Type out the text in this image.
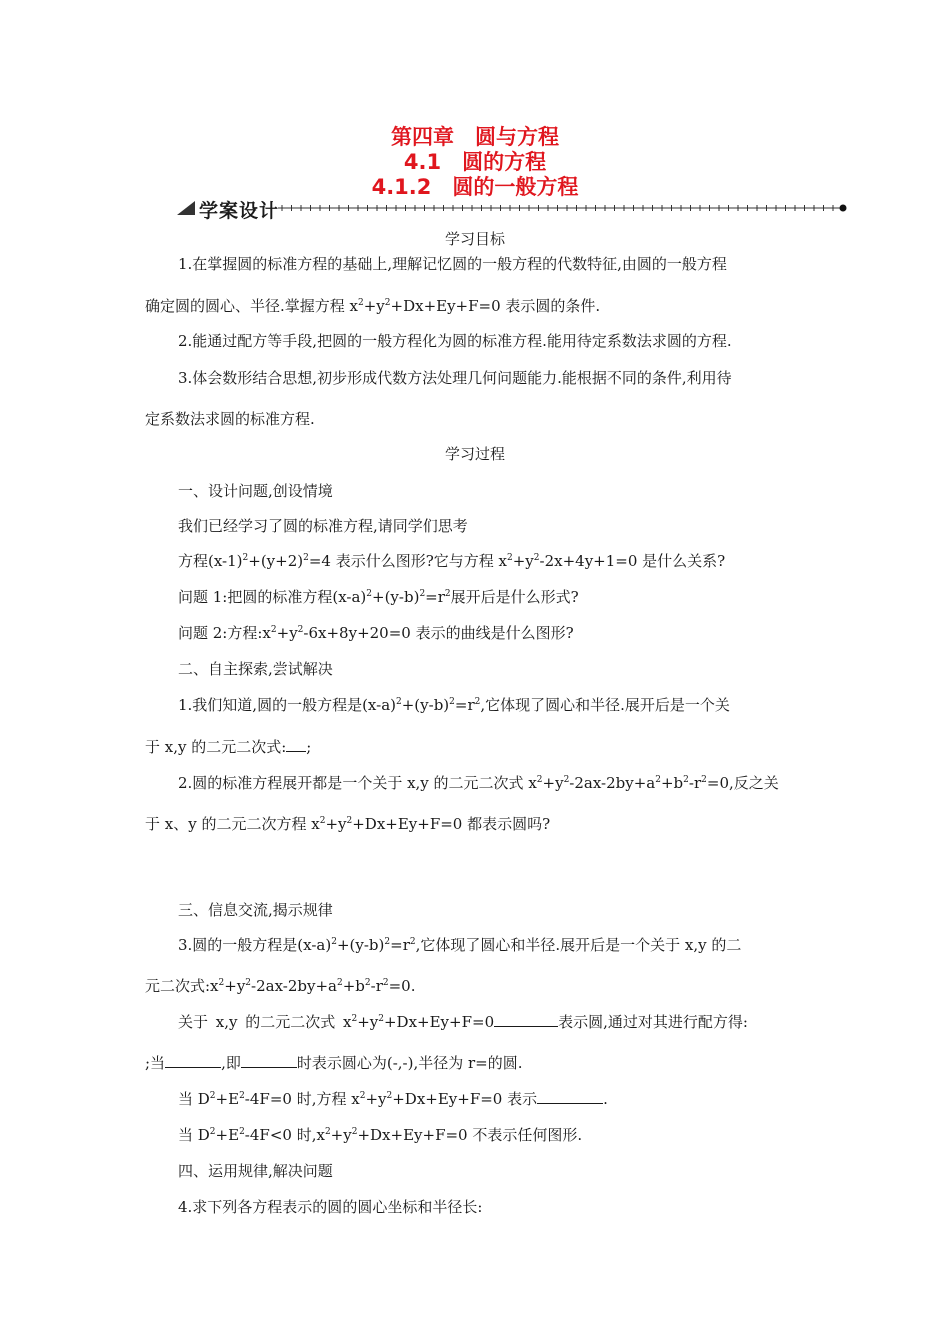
第四章　圆与方程
4.1　圆的方程
4.1.2　圆的一般方程
学案设计
学习目标
1.在掌握圆的标准方程的基础上,理解记忆圆的一般方程的代数特征,由圆的一般方程
确定圆的圆心、半径.掌握方程 $x^2+y^2+Dx+Ey+F=0$ 表示圆的条件.
2.能通过配方等手段,把圆的一般方程化为圆的标准方程.能用待定系数法求圆的方程.
3.体会数形结合思想,初步形成代数方法处理几何问题能力.能根据不同的条件,利用待
定系数法求圆的标准方程.
学习过程
一、设计问题,创设情境
我们已经学习了圆的标准方程,请同学们思考
方程$(x-1)^2+(y+2)^2=4$ 表示什么图形?它与方程 $x^2+y^2-2x+4y+1=0$ 是什么关系?
问题 1:把圆的标准方程$(x-a)^2+(y-b)^2=r^2$展开后是什么形式?
问题 2:方程$:x^2+y^2-6x+8y+20=0$ 表示的曲线是什么图形?
二、自主探索,尝试解决
1.我们知道,圆的一般方程是$(x-a)^2+(y-b)^2=r^2$,它体现了圆心和半径.展开后是一个关
于 x,y 的二元二次式: ;
2.圆的标准方程展开都是一个关于 x,y 的二元二次式 $x^2+y^2-2ax-2by+a^2+b^2-r^2=0$,反之关
于 x、y 的二元二次方程 $x^2+y^2+Dx+Ey+F=0$ 都表示圆吗?
三、信息交流,揭示规律
3.圆的一般方程是$(x-a)^2+(y-b)^2=r^2$,它体现了圆心和半径.展开后是一个关于 x,y 的二
元二次式$:x^2+y^2-2ax-2by+a^2+b^2-r^2=0$.
关于 x,y 的二元二次式 $x^2+y^2+Dx+Ey+F=0$	表示圆,通过对其进行配方得:
;当	,即	时表示圆心为(-,-),半径为 r=的圆.
当 $D^2+E^2-4F=0$ 时,方程 $x^2+y^2+Dx+Ey+F=0$ 表示	.
当 $D^2+E^2-4F<0$ 时$,x^2+y^2+Dx+Ey+F=0$ 不表示任何图形.
四、运用规律,解决问题
4.求下列各方程表示的圆的圆心坐标和半径长:
